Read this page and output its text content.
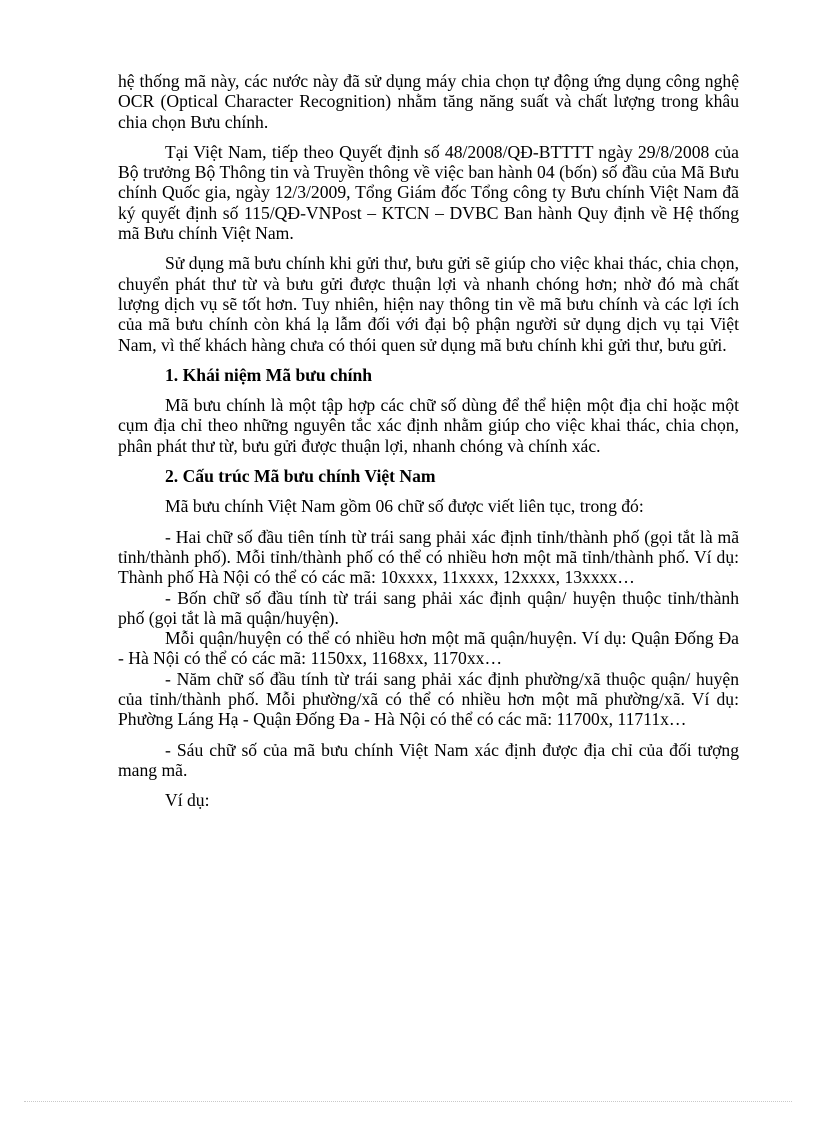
hệ thống mã này, các nước này đã sử dụng máy chia chọn tự động ứng dụng công nghệ OCR (Optical Character Recognition) nhằm tăng năng suất và chất lượng trong khâu chia chọn Bưu chính.

Tại Việt Nam, tiếp theo Quyết định số 48/2008/QĐ-BTTTT ngày 29/8/2008 của Bộ trưởng Bộ Thông tin và Truyền thông về việc ban hành 04 (bốn) số đầu của Mã Bưu chính Quốc gia, ngày 12/3/2009, Tổng Giám đốc Tổng công ty Bưu chính Việt Nam đã ký quyết định số 115/QĐ-VNPost – KTCN – DVBC Ban hành Quy định về Hệ thống mã Bưu chính Việt Nam.

Sử dụng mã bưu chính khi gửi thư, bưu gửi sẽ giúp cho việc khai thác, chia chọn, chuyển phát thư từ và bưu gửi được thuận lợi và nhanh chóng hơn; nhờ đó mà chất lượng dịch vụ sẽ tốt hơn. Tuy nhiên, hiện nay thông tin về mã bưu chính và các lợi ích của mã bưu chính còn khá lạ lẫm đối với đại bộ phận người sử dụng dịch vụ tại Việt Nam, vì thế khách hàng chưa có thói quen sử dụng mã bưu chính khi gửi thư, bưu gửi.

1. Khái niệm Mã bưu chính

Mã bưu chính là một tập hợp các chữ số dùng để thể hiện một địa chỉ hoặc một cụm địa chỉ theo những nguyên tắc xác định nhằm giúp cho việc khai thác, chia chọn, phân phát thư từ, bưu gửi được thuận lợi, nhanh chóng và chính xác.

2. Cấu trúc Mã bưu chính Việt Nam

Mã bưu chính Việt Nam gồm 06 chữ số được viết liên tục, trong đó:

- Hai chữ số đầu tiên tính từ trái sang phải xác định tỉnh/thành phố (gọi tắt là mã tỉnh/thành phố). Mỗi tỉnh/thành phố có thể có nhiều hơn một mã tỉnh/thành phố. Ví dụ: Thành phố Hà Nội có thể có các mã: 10xxxx, 11xxxx, 12xxxx, 13xxxx…

- Bốn chữ số đầu tính từ trái sang phải xác định quận/ huyện thuộc tỉnh/thành phố (gọi tắt là mã quận/huyện).

Mỗi quận/huyện có thể có nhiều hơn một mã quận/huyện. Ví dụ: Quận Đống Đa - Hà Nội có thể có các mã: 1150xx, 1168xx, 1170xx…

- Năm chữ số đầu tính từ trái sang phải xác định phường/xã thuộc quận/ huyện của tỉnh/thành phố. Mỗi phường/xã có thể có nhiều hơn một mã phường/xã. Ví dụ: Phường Láng Hạ - Quận Đống Đa - Hà Nội có thể có các mã: 11700x, 11711x…

- Sáu chữ số của mã bưu chính Việt Nam xác định được địa chỉ của đối tượng mang mã.

Ví dụ:
